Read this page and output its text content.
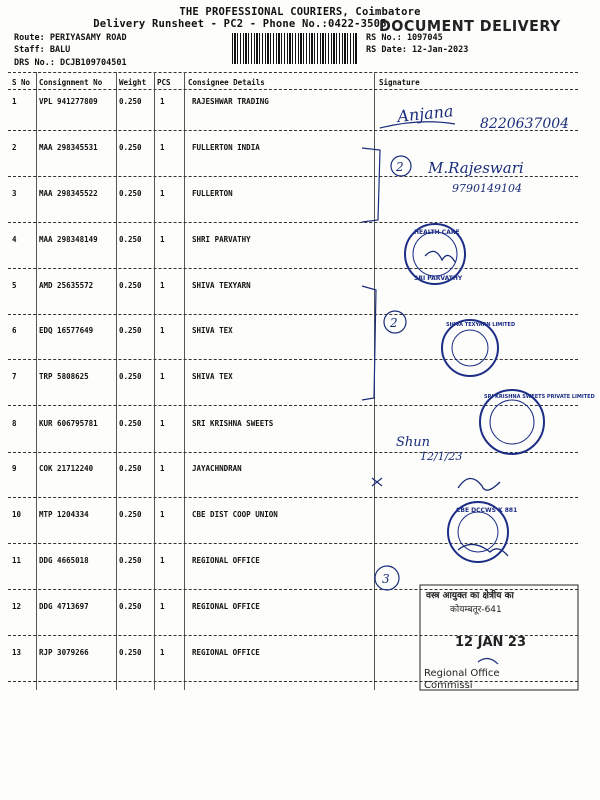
THE PROFESSIONAL COURIERS, Coimbatore
Delivery Runsheet - PC2 - Phone No.:0422-3505
DOCUMENT DELIVERY
Route: PERIYASAMY ROAD
Staff: BALU
DRS No.: DCJB109704501
RS No.: 1097045
RS Date: 12-Jan-2023
S No Consignment No Weight PCS Consignee Details	Signature
1	VPL 941277809	0.250 1	RAJESHWAR TRADING
2	MAA 298345531	0.250 1	FULLERTON INDIA
3	MAA 298345522	0.250 1	FULLERTON
4	MAA 298348149	0.250 1	SHRI PARVATHY
5	AMD 25635572	0.250 1	SHIVA TEXYARN
6	EDQ 16577649	0.250 1	SHIVA TEX
7	TRP 5808625	0.250 1	SHIVA TEX
8	KUR 606795781	0.250 1	SRI KRISHNA SWEETS
9	COK 21712240	0.250 1	JAYACHNDRAN
10 MTP 1204334	0.250 1	CBE DIST COOP UNION
11 DDG 4665018	0.250 1	REGIONAL OFFICE
12 DDG 4713697	0.250 1	REGIONAL OFFICE
13 RJP 3079266	0.250 1	REGIONAL OFFICE
Anjana 8220637004
2 M.Rajeswari
9790149104
HEALTH CARE
SRI PARVATHY
2	SHIVA TEXYARN LIMITED
SRI KRISHNA SWEETS PRIVATE LIMITED
Shun
12/1/23
CBE DCCWS K 881
3
वस्त्र आयुक्त का क्षेत्रीय का
कोयम्बतूर-641
12 JAN 23
Regional Office
Commissi
